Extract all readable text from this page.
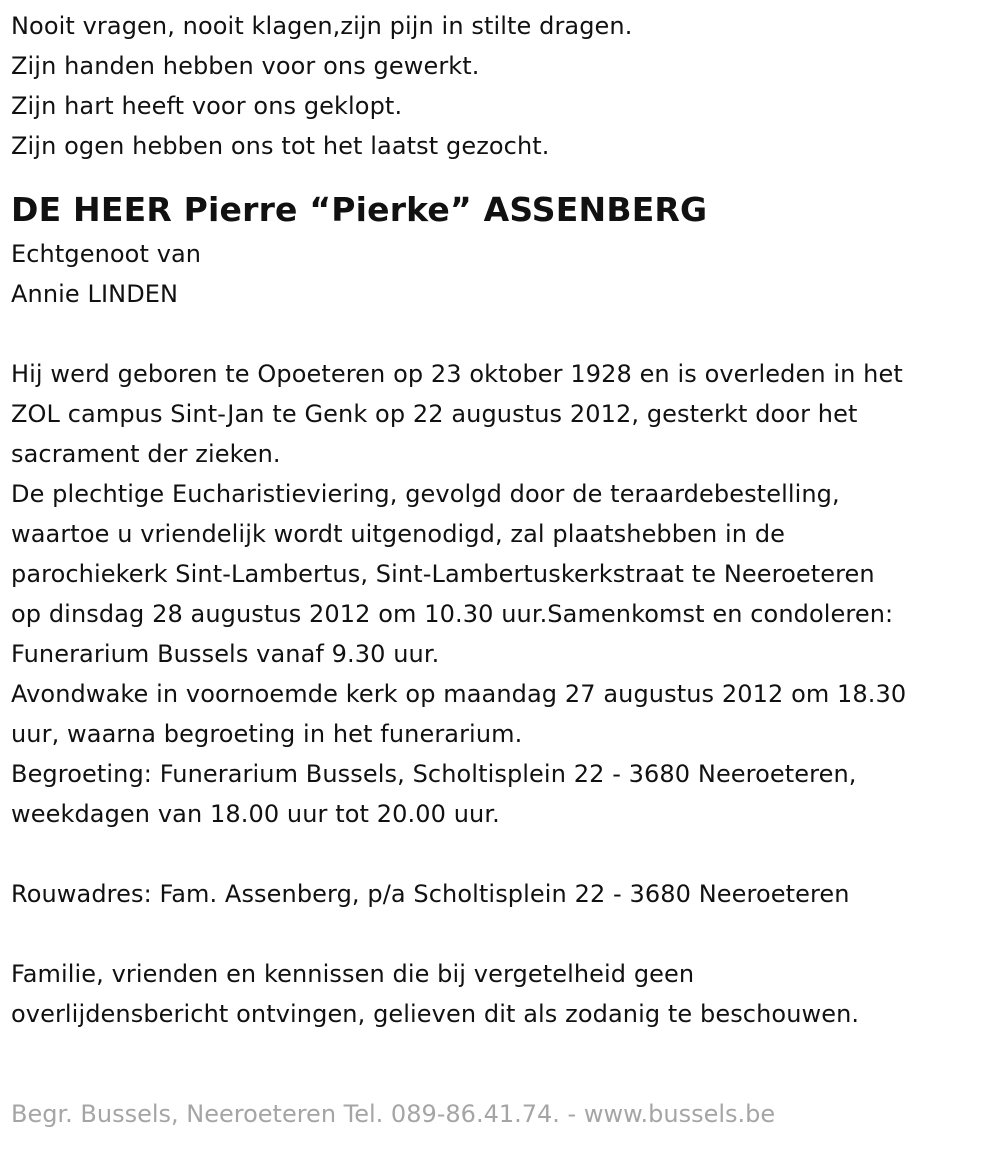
Nooit vragen, nooit klagen,zijn pijn in stilte dragen.
Zijn handen hebben voor ons gewerkt.
Zijn hart heeft voor ons geklopt.
Zijn ogen hebben ons tot het laatst gezocht.
DE HEER Pierre “Pierke” ASSENBERG
Echtgenoot van
Annie LINDEN
Hij werd geboren te Opoeteren op 23 oktober 1928 en is overleden in het
ZOL campus Sint-Jan te Genk op 22 augustus 2012, gesterkt door het
sacrament der zieken.
De plechtige Eucharistieviering, gevolgd door de teraardebestelling,
waartoe u vriendelijk wordt uitgenodigd, zal plaatshebben in de
parochiekerk Sint-Lambertus, Sint-Lambertuskerkstraat te Neeroeteren
op dinsdag 28 augustus 2012 om 10.30 uur.Samenkomst en condoleren:
Funerarium Bussels vanaf 9.30 uur.
Avondwake in voornoemde kerk op maandag 27 augustus 2012 om 18.30
uur, waarna begroeting in het funerarium.
Begroeting: Funerarium Bussels, Scholtisplein 22 - 3680 Neeroeteren,
weekdagen van 18.00 uur tot 20.00 uur.
Rouwadres: Fam. Assenberg, p/a Scholtisplein 22 - 3680 Neeroeteren
Familie, vrienden en kennissen die bij vergetelheid geen
overlijdensbericht ontvingen, gelieven dit als zodanig te beschouwen.
Begr. Bussels, Neeroeteren Tel. 089-86.41.74. - www.bussels.be
